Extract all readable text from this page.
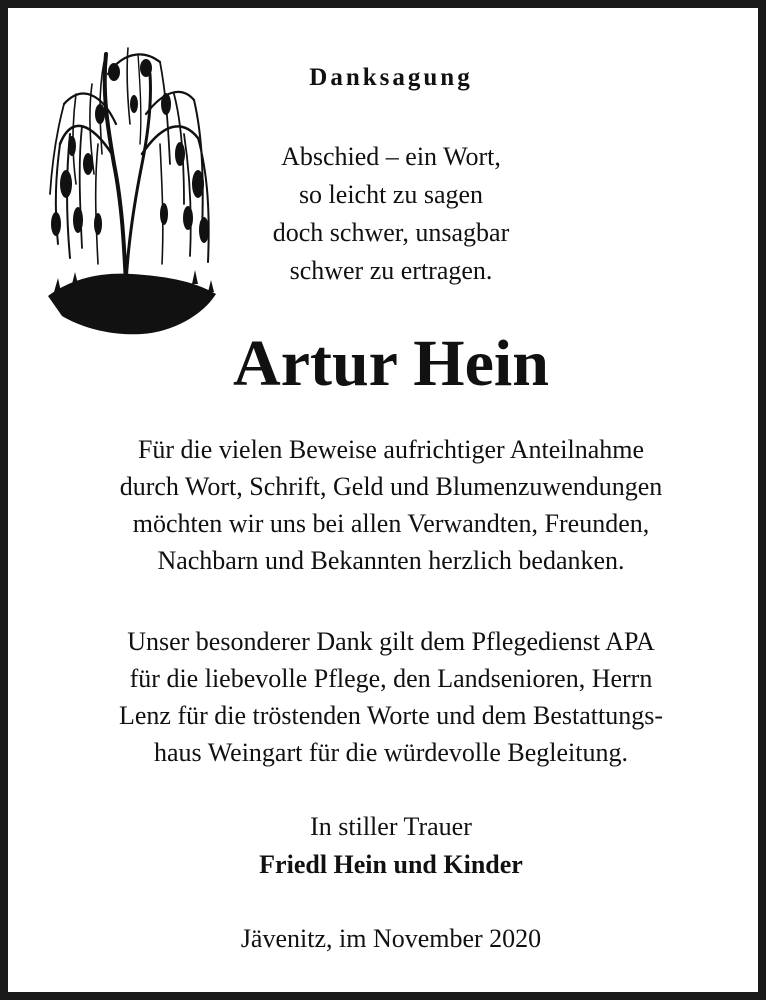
Danksagung
Abschied – ein Wort,
so leicht zu sagen
doch schwer, unsagbar
schwer zu ertragen.
Artur Hein
Für die vielen Beweise aufrichtiger Anteilnahme
durch Wort, Schrift, Geld und Blumenzuwendungen
möchten wir uns bei allen Verwandten, Freunden,
Nachbarn und Bekannten herzlich bedanken.
Unser besonderer Dank gilt dem Pflegedienst APA
für die liebevolle Pflege, den Landsenioren, Herrn
Lenz für die tröstenden Worte und dem Bestattungs-
haus Weingart für die würdevolle Begleitung.
In stiller Trauer
Friedl Hein und Kinder
Jävenitz, im November 2020
